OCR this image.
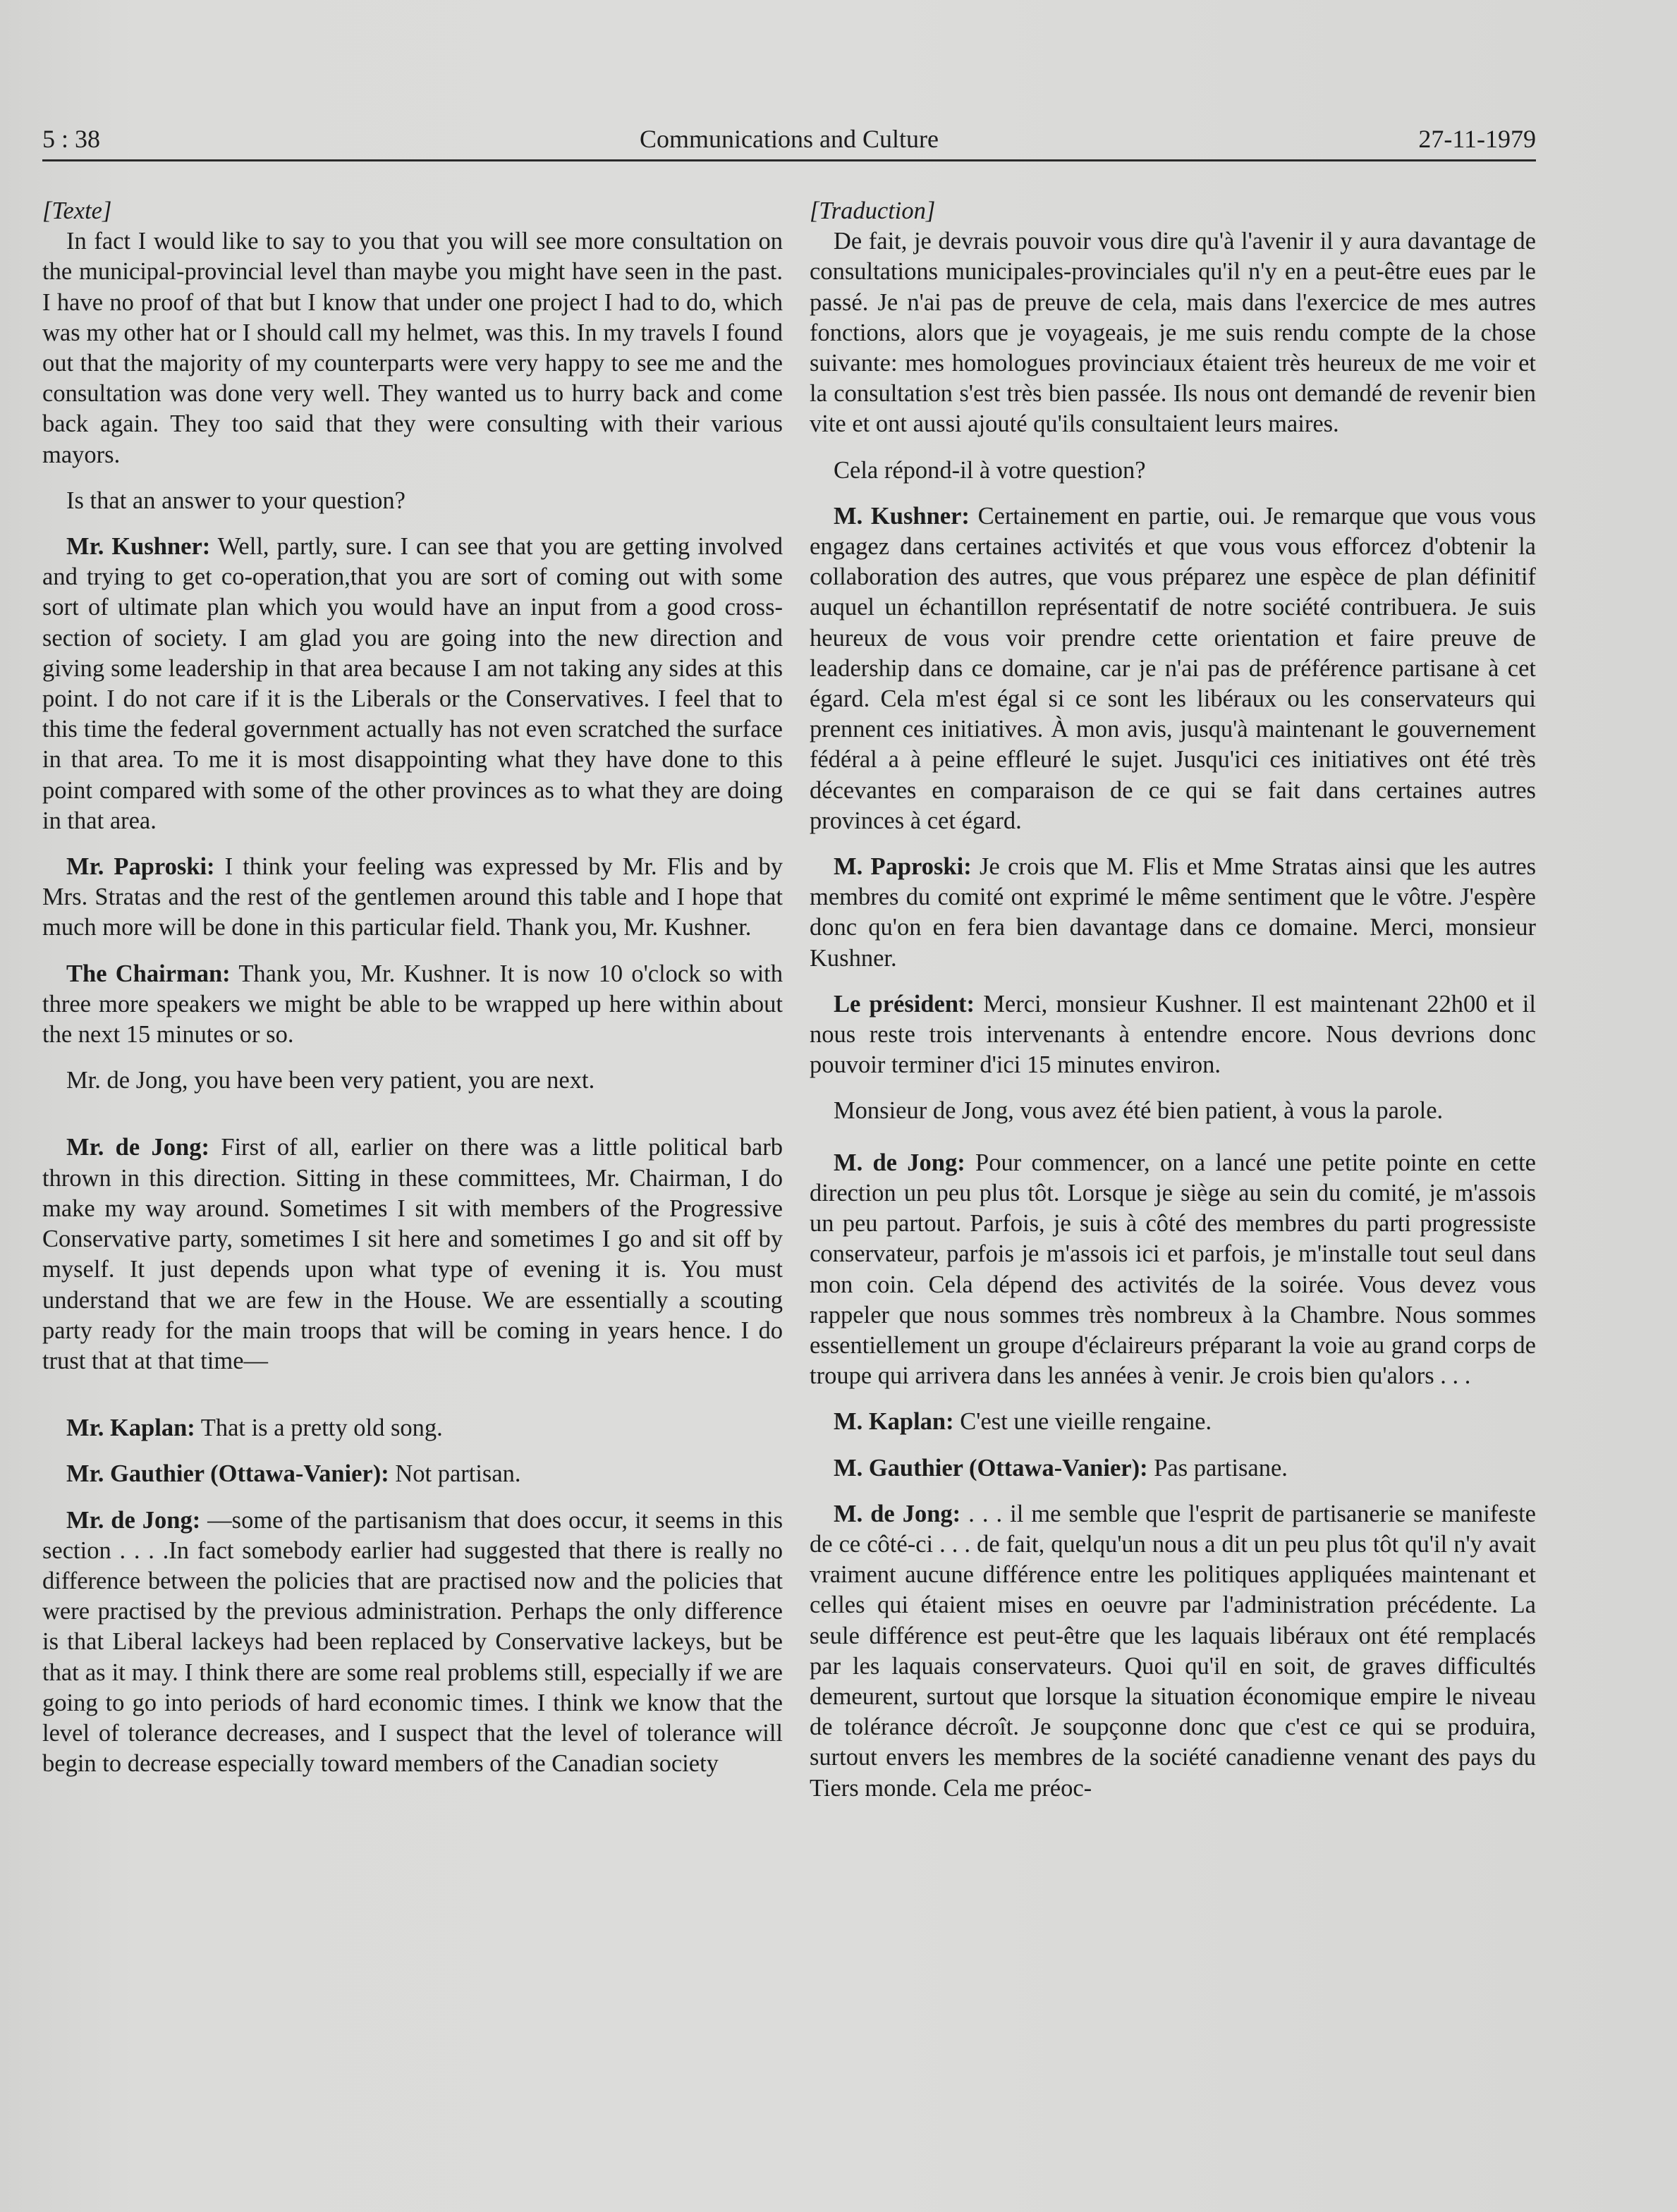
5 : 38	Communications and Culture	27-11-1979

[Texte]

In fact I would like to say to you that you will see more consultation on the municipal-provincial level than maybe you might have seen in the past. I have no proof of that but I know that under one project I had to do, which was my other hat or I should call my helmet, was this. In my travels I found out that the majority of my counterparts were very happy to see me and the consultation was done very well. They wanted us to hurry back and come back again. They too said that they were consulting with their various mayors.

Is that an answer to your question?

Mr. Kushner: Well, partly, sure. I can see that you are getting involved and trying to get co-operation,that you are sort of coming out with some sort of ultimate plan which you would have an input from a good cross-section of society. I am glad you are going into the new direction and giving some leadership in that area because I am not taking any sides at this point. I do not care if it is the Liberals or the Conservatives. I feel that to this time the federal government actually has not even scratched the surface in that area. To me it is most disappointing what they have done to this point compared with some of the other provinces as to what they are doing in that area.

Mr. Paproski: I think your feeling was expressed by Mr. Flis and by Mrs. Stratas and the rest of the gentlemen around this table and I hope that much more will be done in this particular field. Thank you, Mr. Kushner.

The Chairman: Thank you, Mr. Kushner. It is now 10 o'clock so with three more speakers we might be able to be wrapped up here within about the next 15 minutes or so.

Mr. de Jong, you have been very patient, you are next.

Mr. de Jong: First of all, earlier on there was a little political barb thrown in this direction. Sitting in these committees, Mr. Chairman, I do make my way around. Sometimes I sit with members of the Progressive Conservative party, sometimes I sit here and sometimes I go and sit off by myself. It just depends upon what type of evening it is. You must understand that we are few in the House. We are essentially a scouting party ready for the main troops that will be coming in years hence. I do trust that at that time—

Mr. Kaplan: That is a pretty old song.

Mr. Gauthier (Ottawa-Vanier): Not partisan.

Mr. de Jong: —some of the partisanism that does occur, it seems in this section . . . .In fact somebody earlier had suggested that there is really no difference between the policies that are practised now and the policies that were practised by the previous administration. Perhaps the only difference is that Liberal lackeys had been replaced by Conservative lackeys, but be that as it may. I think there are some real problems still, especially if we are going to go into periods of hard economic times. I think we know that the level of tolerance decreases, and I suspect that the level of tolerance will begin to decrease especially toward members of the Canadian society

[Traduction]

De fait, je devrais pouvoir vous dire qu'à l'avenir il y aura davantage de consultations municipales-provinciales qu'il n'y en a peut-être eues par le passé. Je n'ai pas de preuve de cela, mais dans l'exercice de mes autres fonctions, alors que je voyageais, je me suis rendu compte de la chose suivante: mes homologues provinciaux étaient très heureux de me voir et la consultation s'est très bien passée. Ils nous ont demandé de revenir bien vite et ont aussi ajouté qu'ils consultaient leurs maires.

Cela répond-il à votre question?

M. Kushner: Certainement en partie, oui. Je remarque que vous vous engagez dans certaines activités et que vous vous efforcez d'obtenir la collaboration des autres, que vous préparez une espèce de plan définitif auquel un échantillon représentatif de notre société contribuera. Je suis heureux de vous voir prendre cette orientation et faire preuve de leadership dans ce domaine, car je n'ai pas de préférence partisane à cet égard. Cela m'est égal si ce sont les libéraux ou les conservateurs qui prennent ces initiatives. À mon avis, jusqu'à maintenant le gouvernement fédéral a à peine effleuré le sujet. Jusqu'ici ces initiatives ont été très décevantes en comparaison de ce qui se fait dans certaines autres provinces à cet égard.

M. Paproski: Je crois que M. Flis et Mme Stratas ainsi que les autres membres du comité ont exprimé le même sentiment que le vôtre. J'espère donc qu'on en fera bien davantage dans ce domaine. Merci, monsieur Kushner.

Le président: Merci, monsieur Kushner. Il est maintenant 22h00 et il nous reste trois intervenants à entendre encore. Nous devrions donc pouvoir terminer d'ici 15 minutes environ.

Monsieur de Jong, vous avez été bien patient, à vous la parole.

M. de Jong: Pour commencer, on a lancé une petite pointe en cette direction un peu plus tôt. Lorsque je siège au sein du comité, je m'assois un peu partout. Parfois, je suis à côté des membres du parti progressiste conservateur, parfois je m'assois ici et parfois, je m'installe tout seul dans mon coin. Cela dépend des activités de la soirée. Vous devez vous rappeler que nous sommes très nombreux à la Chambre. Nous sommes essentiellement un groupe d'éclaireurs préparant la voie au grand corps de troupe qui arrivera dans les années à venir. Je crois bien qu'alors . . .

M. Kaplan: C'est une vieille rengaine.

M. Gauthier (Ottawa-Vanier): Pas partisane.

M. de Jong: . . . il me semble que l'esprit de partisanerie se manifeste de ce côté-ci . . . de fait, quelqu'un nous a dit un peu plus tôt qu'il n'y avait vraiment aucune différence entre les politiques appliquées maintenant et celles qui étaient mises en oeuvre par l'administration précédente. La seule différence est peut-être que les laquais libéraux ont été remplacés par les laquais conservateurs. Quoi qu'il en soit, de graves difficultés demeurent, surtout que lorsque la situation économique empire le niveau de tolérance décroît. Je soupçonne donc que c'est ce qui se produira, surtout envers les membres de la société canadienne venant des pays du Tiers monde. Cela me préoc-
